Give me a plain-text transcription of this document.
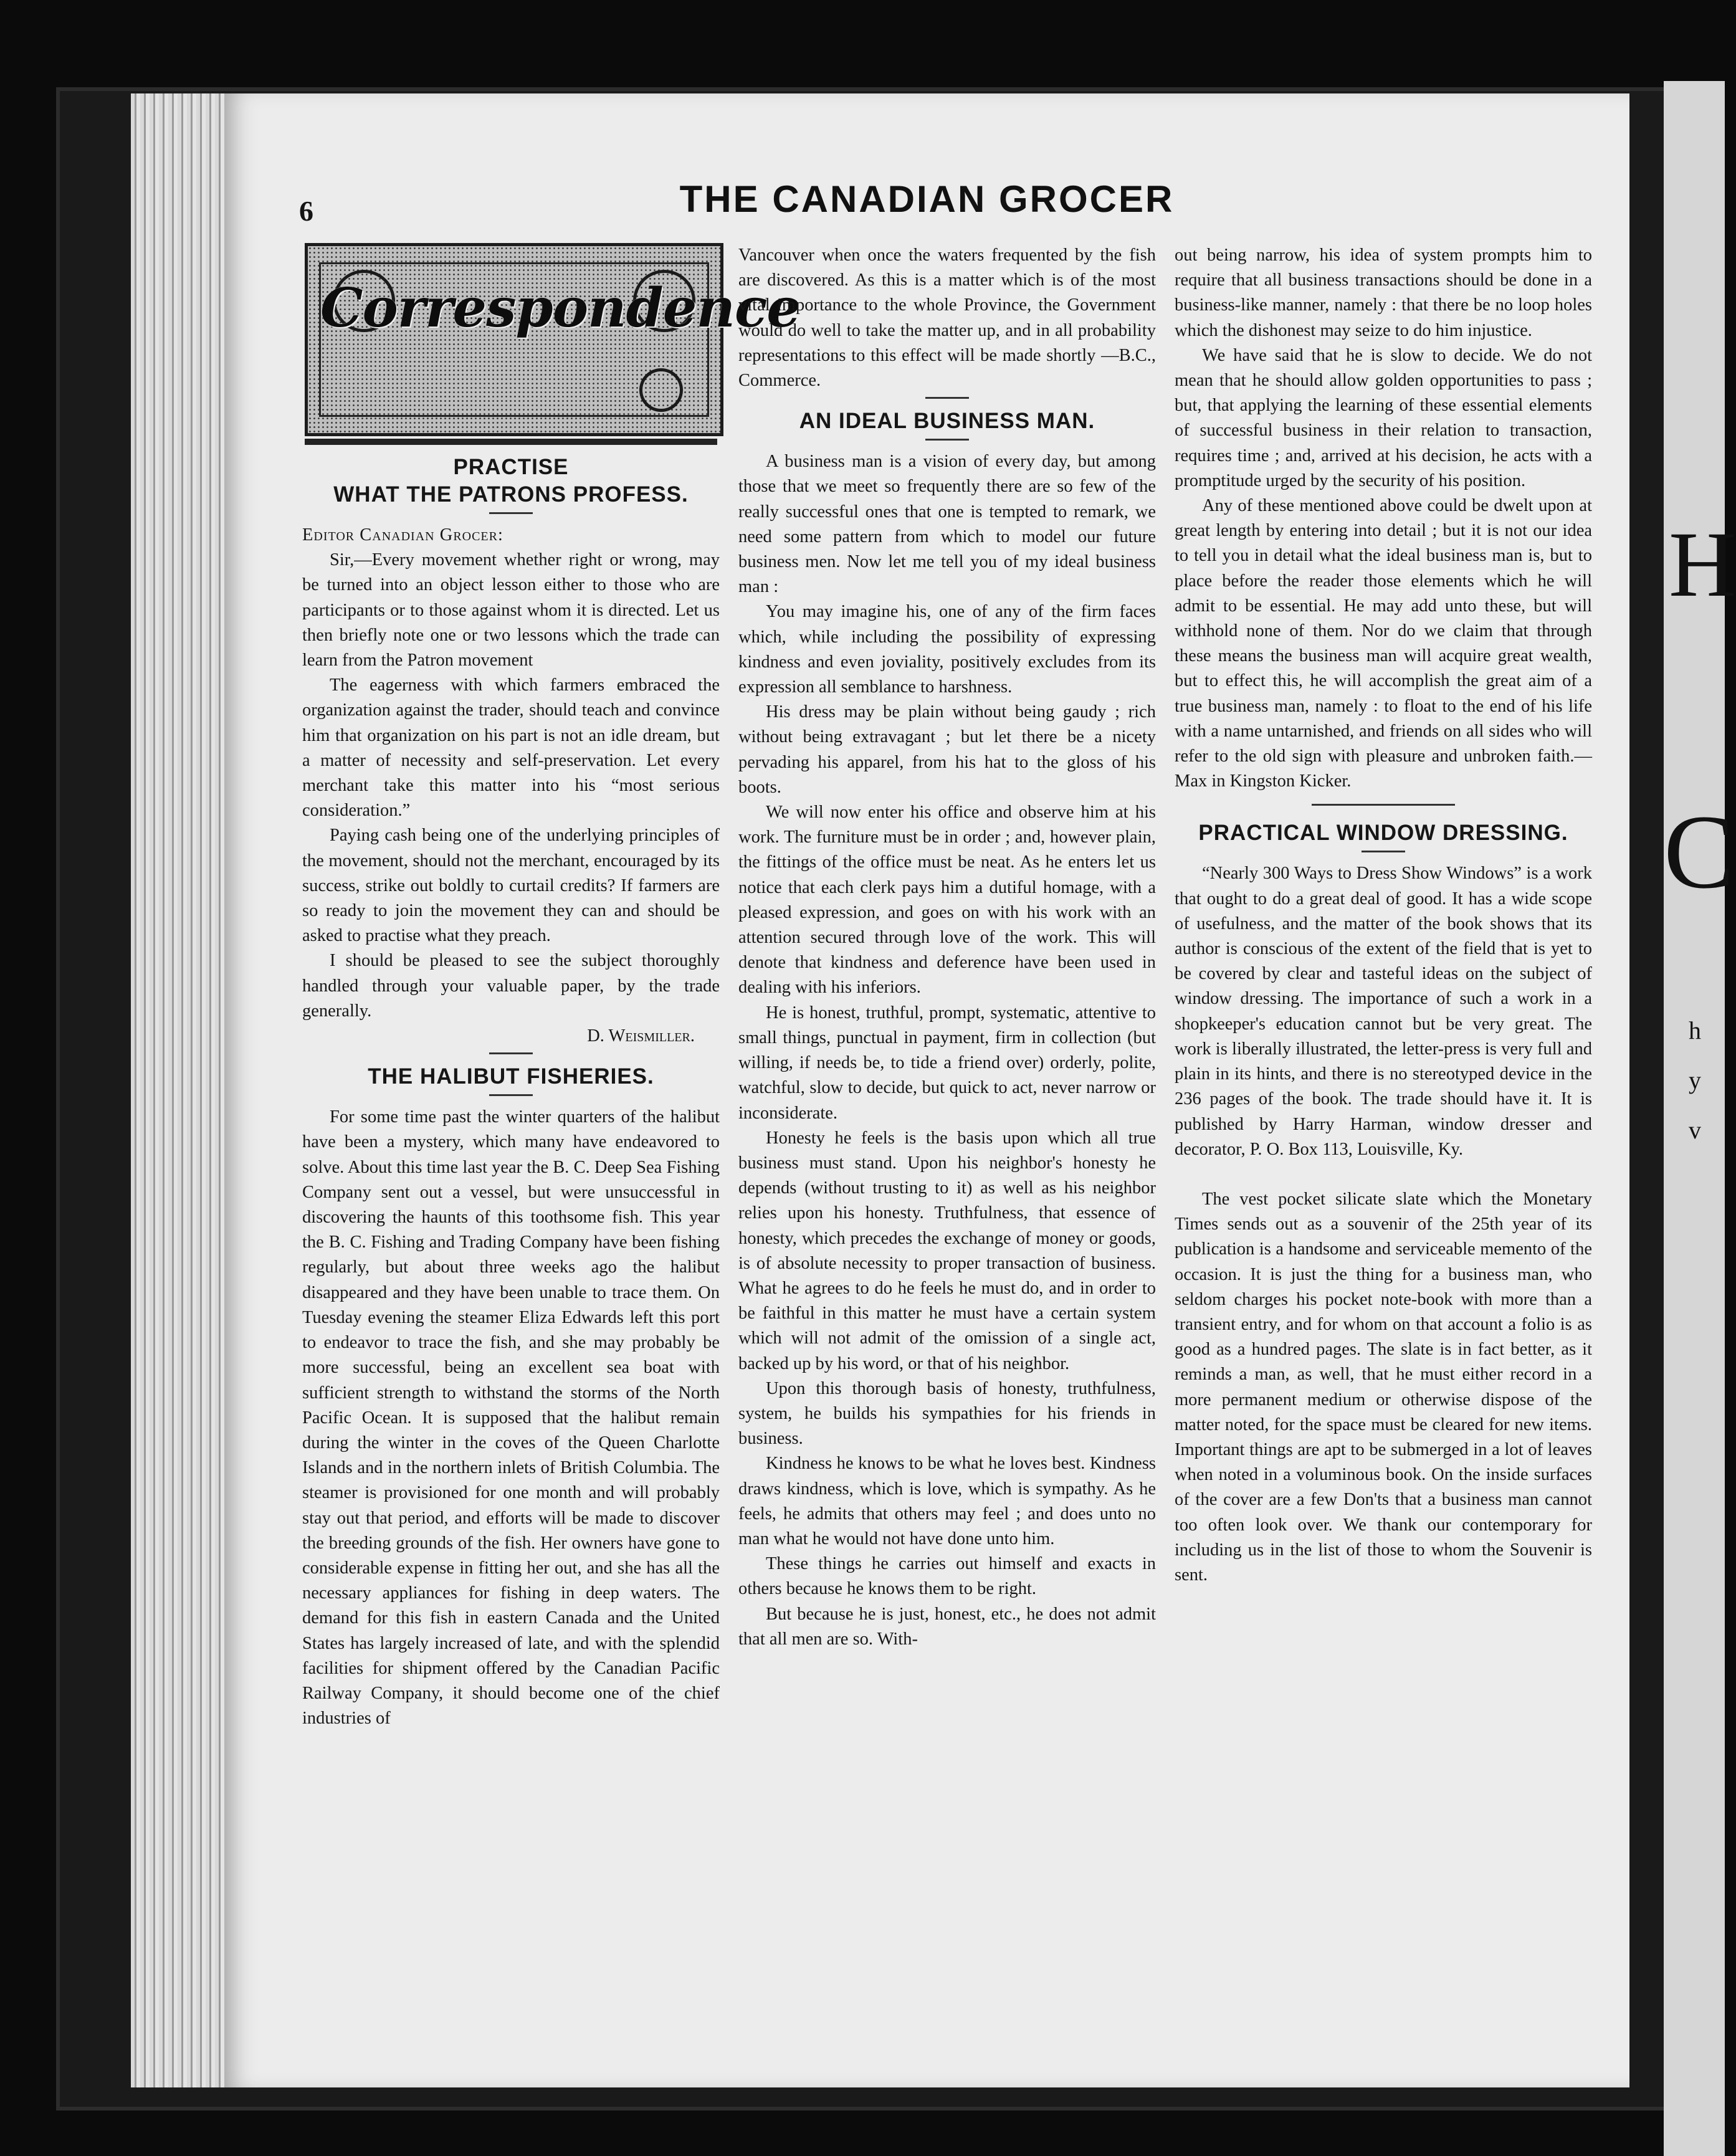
H
C
h
y
v
6	THE CANADIAN GROCER
Correspondence
PRACTISE
WHAT THE PATRONS PROFESS.

Editor Canadian Grocer:

Sir,—Every movement whether right or wrong, may be turned into an object lesson either to those who are participants or to those against whom it is directed. Let us then briefly note one or two lessons which the trade can learn from the Patron movement

The eagerness with which farmers embraced the organization against the trader, should teach and convince him that organization on his part is not an idle dream, but a matter of necessity and self-preservation. Let every merchant take this matter into his “most serious consideration.”

Paying cash being one of the underlying principles of the movement, should not the merchant, encouraged by its success, strike out boldly to curtail credits? If farmers are so ready to join the movement they can and should be asked to practise what they preach.

I should be pleased to see the subject thoroughly handled through your valuable paper, by the trade generally.

D. Weismiller.

THE HALIBUT FISHERIES.

For some time past the winter quarters of the halibut have been a mystery, which many have endeavored to solve. About this time last year the B. C. Deep Sea Fishing Company sent out a vessel, but were unsuccessful in discovering the haunts of this toothsome fish. This year the B. C. Fishing and Trading Company have been fishing regularly, but about three weeks ago the halibut disappeared and they have been unable to trace them. On Tuesday evening the steamer Eliza Edwards left this port to endeavor to trace the fish, and she may probably be more successful, being an excellent sea boat with sufficient strength to withstand the storms of the North Pacific Ocean. It is supposed that the halibut remain during the winter in the coves of the Queen Charlotte Islands and in the northern inlets of British Columbia. The steamer is provisioned for one month and will probably stay out that period, and efforts will be made to discover the breeding grounds of the fish. Her owners have gone to considerable expense in fitting her out, and she has all the necessary appliances for fishing in deep waters. The demand for this fish in eastern Canada and the United States has largely increased of late, and with the splendid facilities for shipment offered by the Canadian Pacific Railway Company, it should become one of the chief industries of

Vancouver when once the waters frequented by the fish are discovered. As this is a matter which is of the most vital importance to the whole Province, the Government would do well to take the matter up, and in all probability representations to this effect will be made shortly —B.C., Commerce.

AN IDEAL BUSINESS MAN.

A business man is a vision of every day, but among those that we meet so frequently there are so few of the really successful ones that one is tempted to remark, we need some pattern from which to model our future business men. Now let me tell you of my ideal business man :

You may imagine his, one of any of the firm faces which, while including the possibility of expressing kindness and even joviality, positively excludes from its expression all semblance to harshness.

His dress may be plain without being gaudy ; rich without being extravagant ; but let there be a nicety pervading his apparel, from his hat to the gloss of his boots.

We will now enter his office and observe him at his work. The furniture must be in order ; and, however plain, the fittings of the office must be neat. As he enters let us notice that each clerk pays him a dutiful homage, with a pleased expression, and goes on with his work with an attention secured through love of the work. This will denote that kindness and deference have been used in dealing with his inferiors.

He is honest, truthful, prompt, systematic, attentive to small things, punctual in payment, firm in collection (but willing, if needs be, to tide a friend over) orderly, polite, watchful, slow to decide, but quick to act, never narrow or inconsiderate.

Honesty he feels is the basis upon which all true business must stand. Upon his neighbor's honesty he depends (without trusting to it) as well as his neighbor relies upon his honesty. Truthfulness, that essence of honesty, which precedes the exchange of money or goods, is of absolute necessity to proper transaction of business. What he agrees to do he feels he must do, and in order to be faithful in this matter he must have a certain system which will not admit of the omission of a single act, backed up by his word, or that of his neighbor.

Upon this thorough basis of honesty, truthfulness, system, he builds his sympathies for his friends in business.

Kindness he knows to be what he loves best. Kindness draws kindness, which is love, which is sympathy. As he feels, he admits that others may feel ; and does unto no man what he would not have done unto him.

These things he carries out himself and exacts in others because he knows them to be right.

But because he is just, honest, etc., he does not admit that all men are so. With-

out being narrow, his idea of system prompts him to require that all business transactions should be done in a business-like manner, namely : that there be no loop holes which the dishonest may seize to do him injustice.

We have said that he is slow to decide. We do not mean that he should allow golden opportunities to pass ; but, that applying the learning of these essential elements of successful business in their relation to transaction, requires time ; and, arrived at his decision, he acts with a promptitude urged by the security of his position.

Any of these mentioned above could be dwelt upon at great length by entering into detail ; but it is not our idea to tell you in detail what the ideal business man is, but to place before the reader those elements which he will admit to be essential. He may add unto these, but will withhold none of them. Nor do we claim that through these means the business man will acquire great wealth, but to effect this, he will accomplish the great aim of a true business man, namely : to float to the end of his life with a name untarnished, and friends on all sides who will refer to the old sign with pleasure and unbroken faith.—Max in Kingston Kicker.

PRACTICAL WINDOW DRESSING.

“Nearly 300 Ways to Dress Show Windows” is a work that ought to do a great deal of good. It has a wide scope of usefulness, and the matter of the book shows that its author is conscious of the extent of the field that is yet to be covered by clear and tasteful ideas on the subject of window dressing. The importance of such a work in a shopkeeper's education cannot but be very great. The work is liberally illustrated, the letter-press is very full and plain in its hints, and there is no stereotyped device in the 236 pages of the book. The trade should have it. It is published by Harry Harman, window dresser and decorator, P. O. Box 113, Louisville, Ky.

The vest pocket silicate slate which the Monetary Times sends out as a souvenir of the 25th year of its publication is a handsome and serviceable memento of the occasion. It is just the thing for a business man, who seldom charges his pocket note-book with more than a transient entry, and for whom on that account a folio is as good as a hundred pages. The slate is in fact better, as it reminds a man, as well, that he must either record in a more permanent medium or otherwise dispose of the matter noted, for the space must be cleared for new items. Important things are apt to be submerged in a lot of leaves when noted in a voluminous book. On the inside surfaces of the cover are a few Don'ts that a business man cannot too often look over. We thank our contemporary for including us in the list of those to whom the Souvenir is sent.
